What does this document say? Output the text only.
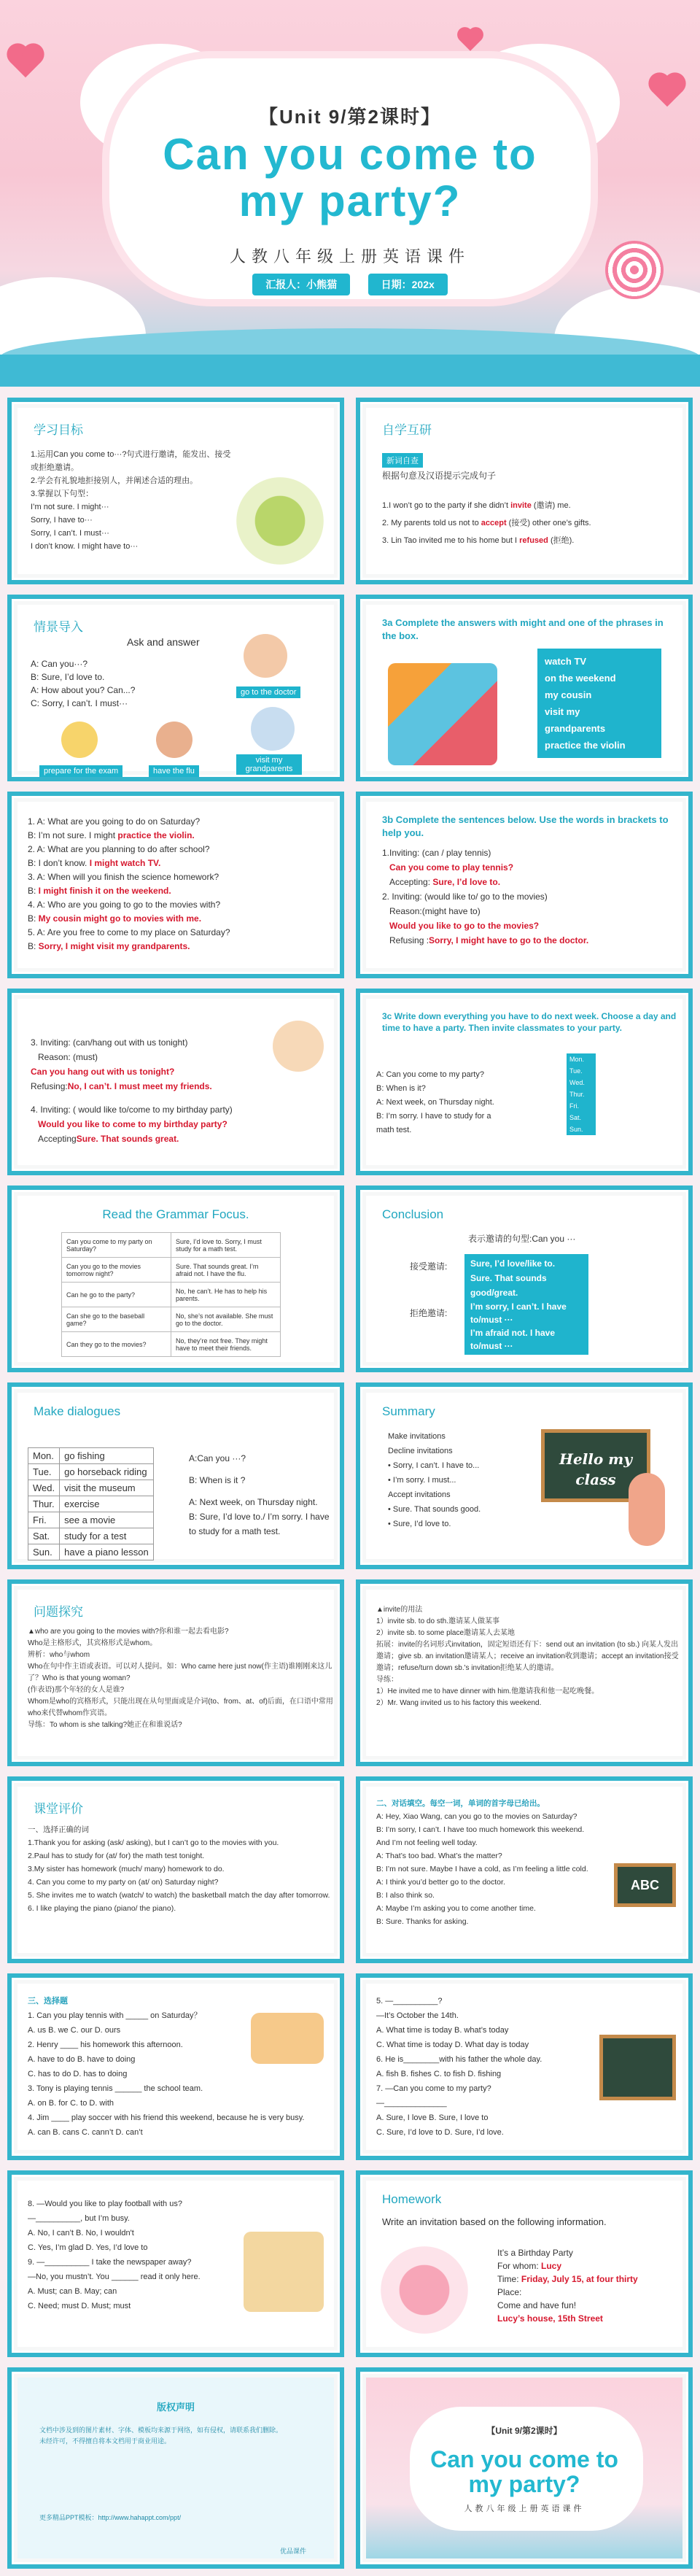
【Unit 9/第2课时】
Can you come to
my party?
人教八年级上册英语课件
汇报人：小熊猫	日期：202x
学习目标
1.运用Can you come to···?句式进行邀请，能发出、接受或拒绝邀请。
2.学会有礼貌地拒接别人，并阐述合适的理由。
3.掌握以下句型：
I’m not sure. I might···
Sorry, I have to···
Sorry, I can’t. I must···
I don’t know. I might have to···
自学互研
新词自查
根据句意及汉语提示完成句子
1.I won’t go to the party if she didn’t invite (邀请) me.
2. My parents told us not to accept (接受) other one’s gifts.
3. Lin Tao invited me to his home but I refused (拒绝).
情景导入
Ask and answer
A: Can you···?
B: Sure, I’d love to.
A: How about you? Can...?
C: Sorry, I can’t. I must···
go to the doctor
prepare for the exam	have the flu
visit my grandparents
3a Complete the answers with might and one of the phrases in the box.
watch TV
on the weekend
my cousin
visit my
grandparents
practice the violin
1. A: What are you going to do on Saturday?
B: I’m not sure. I might practice the violin.
2. A: What are you planning to do after school?
B: I don’t know. I might watch TV.
3. A: When will you finish the science homework?
B: I might finish it on the weekend.
4. A: Who are you going to go to the movies with?
B: My cousin might go to movies with me.
5. A: Are you free to come to my place on Saturday?
B: Sorry, I might visit my grandparents.
3b Complete the sentences below. Use the words in brackets to help you.
1.Inviting: (can / play tennis)
Can you come to play tennis?
Accepting: Sure, I’d love to.
2. Inviting: (would like to/ go to the movies)
Reason:(might have to)
Would you like to go to the movies?
Refusing :Sorry, I might have to go to the doctor.
3. Inviting: (can/hang out with us tonight)
Reason: (must)
Can you hang out with us tonight?
Refusing:No, I can’t. I must meet my friends.
4. Inviting: ( would like to/come to my birthday party)
Would you like to come to my birthday party?
AcceptingSure. That sounds great.
3c Write down everything you have to do next week. Choose a day and time to have a party. Then invite classmates to your party.
A: Can you come to my party?
B: When is it?
A: Next week, on Thursday night.
B: I’m sorry. I have to study for a
math test.
Mon.
Tue.
Wed.
Thur.
Fri.
Sat.
Sun.
Read the Grammar Focus.
Can you come to my party on Saturday?	Sure, I’d love to. Sorry, I must study for a math test.
Can you go to the movies tomorrow night?	Sure. That sounds great. I’m afraid not. I have the flu.
Can he go to the party?	No, he can’t. He has to help his parents.
Can she go to the baseball game?	No, she’s not available. She must go to the doctor.
Can they go to the movies?	No, they’re not free. They might have to meet their friends.
Conclusion
表示邀请的句型:Can you ···
接受邀请:	Sure, I’d love/like to.
Sure. That sounds good/great.
拒绝邀请:
I’m sorry, I can’t. I have
to/must ···
I’m afraid not. I have to/must ···
Make dialogues
Mon.	go fishing
Tue.	go horseback riding
Wed.	visit the museum
Thur.	exercise
Fri.	see a movie
Sat.	study for a test
Sun.	have a piano lesson
A:Can you ···?
B: When is it ?
A: Next week, on Thursday night.
B: Sure, I’d love to./ I’m sorry. I have to study for a math test.
Summary
Make invitations
Decline invitations
• Sorry, I can’t. I have to...
• I’m sorry. I must...
Accept invitations
• Sure. That sounds good.
• Sure, I’d love to.
Hello my class
问题探究
▲who are you going to the movies with?你和谁一起去看电影?
Who是主格形式，其宾格形式是whom。
辨析：who与whom
Who在句中作主语或表语。可以对人提问。如：Who came here just now(作主语)谁刚刚来这儿了？Who is that young woman?
(作表语)那个年轻的女人是谁?
Whom是who的宾格形式，只能出现在从句里面或是介词(to、from、at、of)后面，在口语中常用who来代替whom作宾语。
导练：To whom is she talking?她正在和谁说话?
▲invite的用法
1）invite sb. to do sth.邀请某人做某事
2）invite sb. to some place邀请某人去某地
拓展：invite的名词形式invitation，固定短语还有下：send out an invitation (to sb.) 向某人发出邀请；give sb. an invitation邀请某人；receive an invitation收到邀请；accept an invitation接受邀请；refuse/turn down sb.'s invitation拒绝某人的邀请。
导练：
1）He invited me to have dinner with him.他邀请我和他一起吃晚餐。
2）Mr. Wang invited us to his factory this weekend.
课堂评价
一、选择正确的词
1.Thank you for asking (ask/ asking), but I can’t go to the movies with you.
2.Paul has to study for (at/ for) the math test tonight.
3.My sister has homework (much/ many) homework to do.
4. Can you come to my party on (at/ on) Saturday night?
5. She invites me to watch (watch/ to watch) the basketball match the day after tomorrow.
6. I like playing the piano (piano/ the piano).
二、对话填空。每空一词，单词的首字母已给出。
A: Hey, Xiao Wang, can you go to the movies on Saturday?
B: I’m sorry, I can’t. I have too much homework this weekend.
And I’m not feeling well today.
A: That’s too bad. What’s the matter?
B: I’m not sure. Maybe I have a cold, as I’m feeling a little cold.
A: I think you’d better go to the doctor.
B: I also think so.
A: Maybe I’m asking you to come another time.
B: Sure. Thanks for asking.
ABC
三、选择题
1. Can you play tennis with _____ on Saturday？
A. us B. we C. our D. ours
2. Henry ____ his homework this afternoon.
A. have to do B. have to doing
C. has to do D. has to doing
3. Tony is playing tennis ______ the school team.
A. on B. for C. to D. with
4. Jim ____ play soccer with his friend this weekend, because he is very busy.
A. can B. cans C. cann’t D. can’t
5. —__________?
—It’s October the 14th.
A. What time is today B. what’s today
C. What time is today D. What day is today
6. He is________with his father the whole day.
A. fish B. fishes C. to fish D. fishing
7. —Can you come to my party?
—______________
A. Sure, I love B. Sure, I love to
C. Sure, I’d love to D. Sure, I’d love.
8. —Would you like to play football with us?
—__________, but I’m busy.
A. No, I can’t B. No, I wouldn't
C. Yes, I’m glad D. Yes, I’d love to
9. —__________ I take the newspaper away?
—No, you mustn’t. You ______ read it only here.
A. Must; can B. May; can
C. Need; must D. Must; must
Homework
Write an invitation based on the following information.
It’s a Birthday Party
For whom: Lucy
Time: Friday, July 15, at four thirty
Place:
Come and have fun!
Lucy’s house, 15th Street
版权声明
文档中涉及到的图片素材、字体、模板均来源于网络，如有侵权，请联系我们删除。
未经许可，不得擅自将本文档用于商业用途。
更多精品PPT模板：http://www.hahappt.com/ppt/
优品课件
【Unit 9/第2课时】
Can you come to
my party?
人教八年级上册英语课件
